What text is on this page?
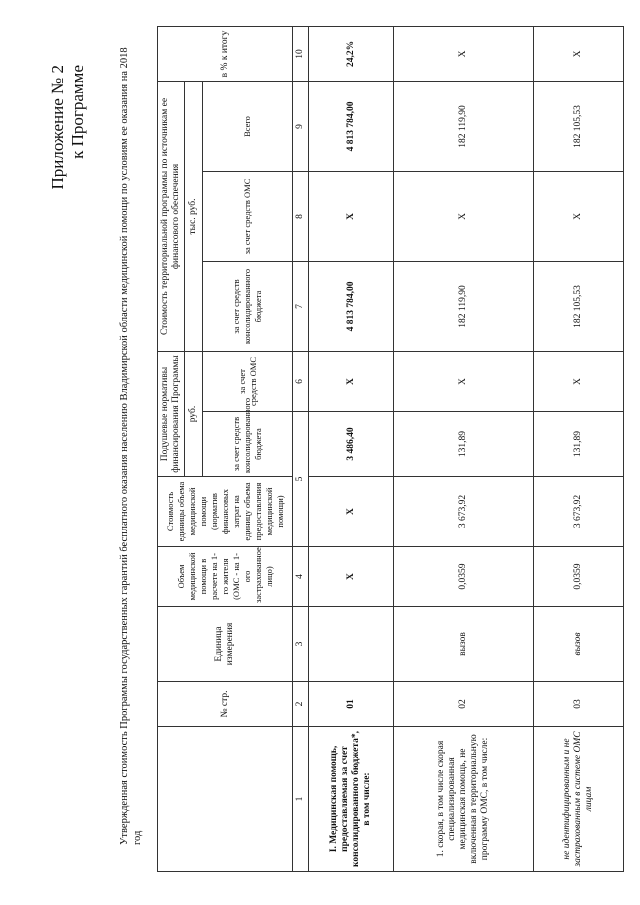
Приложение № 2 к Программе	Утвержденная стоимость Программы государственных гарантий бесплатного оказания населению Владимирской области медицинской помощи по условиям ее оказания на 2018 год
	№ стр.	Единица измерения	Объем медицинской помощи в расчете на 1-го жителя (ОМС - на 1-ого застрахованное лицо)	Стоимость единицы объема медицинской помощи (норматив финансовых затрат на единицу объема предоставления медицинской помощи)	Подушевые нормативы финансирования Программы		Стоимость территориальной программы по источникам ее финансового обеспечения			в % к итогу
					руб.		тыс. руб.			
					за счет средств консолидированного бюджета	за счет средств ОМС	за счет средств консолидированного бюджета	за счет средств ОМС	Всего	
1	2	3	4	5		6	7	8	9	10
I. Медицинская помощь, предоставляемая за счет консолидированного бюджета*, в том числе:	01		Х	Х	3 486,40	Х	4 813 784,00	Х	4 813 784,00	24,2%
1. скорая, в том числе скорая специализированная медицинская помощь, не включенная в территориальную программу ОМС, в том числе:	02	вызов	0,0359	3 673,92	131,89	Х	182 119,90	Х	182 119,90	Х
не идентифицированным и не застрахованным в системе ОМС лицам	03	вызов	0,0359	3 673,92	131,89	Х	182 105,53	Х	182 105,53	Х
